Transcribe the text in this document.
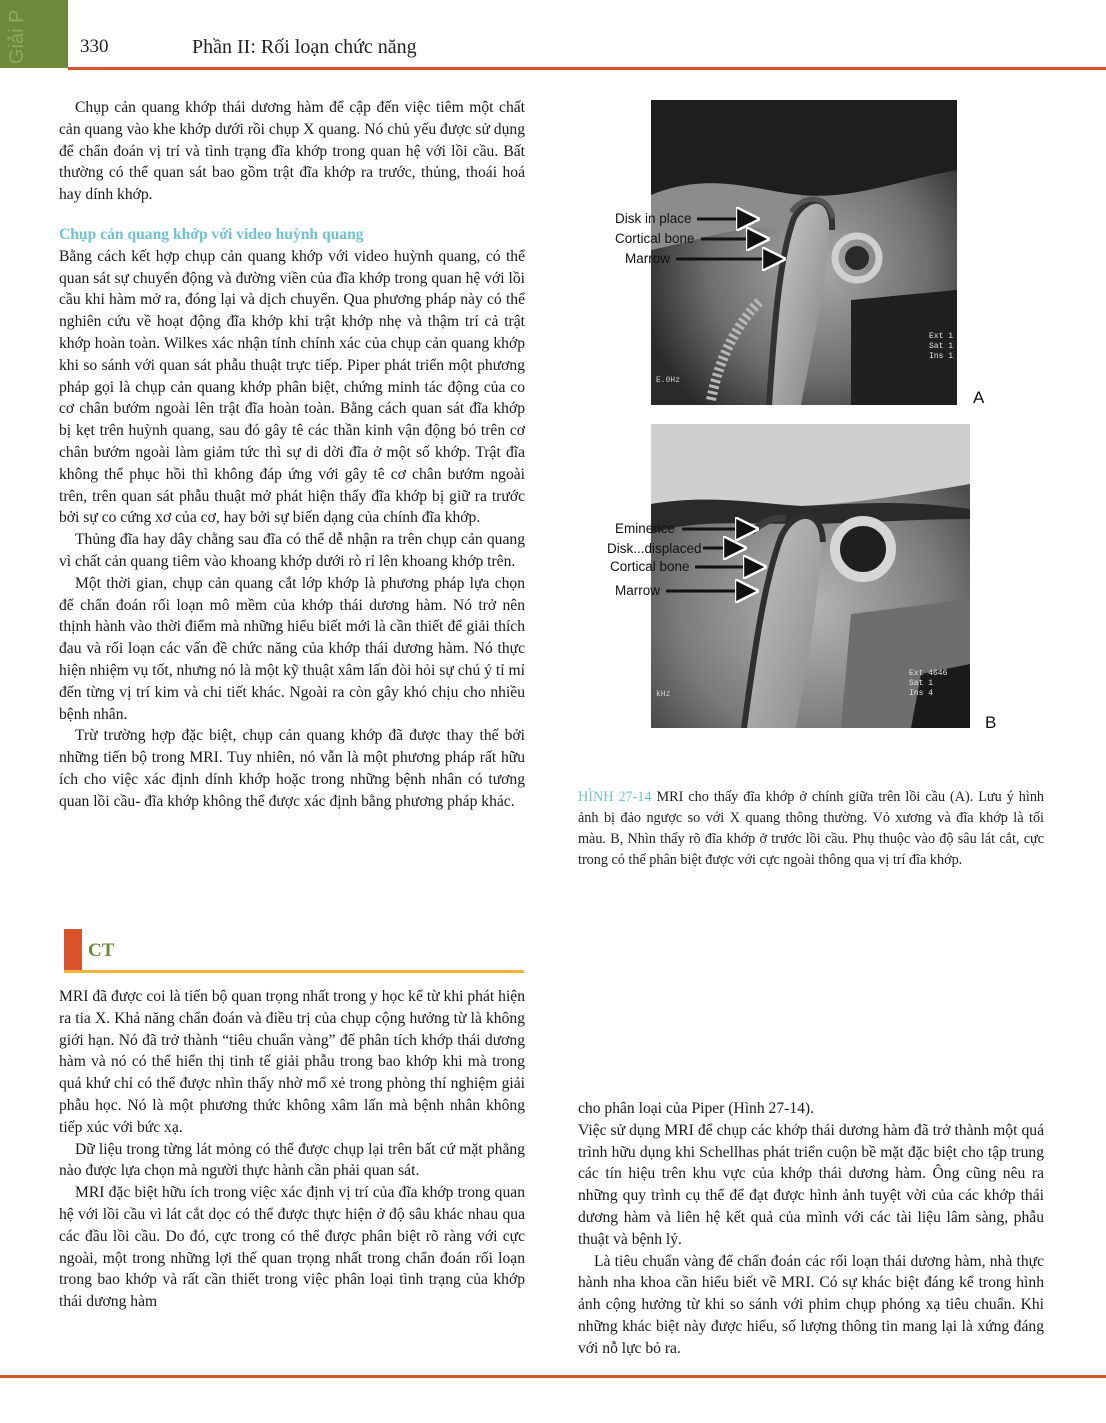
Giải P	330	Phần II: Rối loạn chức năng

Chụp cản quang khớp thái dương hàm để cập đến việc tiêm một chất cản quang vào khe khớp dưới rồi chụp X quang. Nó chủ yếu được sử dụng để chẩn đoán vị trí và tình trạng đĩa khớp trong quan hệ với lồi cầu. Bất thường có thể quan sát bao gồm trật đĩa khớp ra trước, thủng, thoái hoá hay dính khớp.

Chụp cản quang khớp với video huỳnh quang

Bằng cách kết hợp chụp cản quang khớp với video huỳnh quang, có thể quan sát sự chuyển động và đường viền của đĩa khớp trong quan hệ với lồi cầu khi hàm mở ra, đóng lại và dịch chuyển. Qua phương pháp này có thể nghiên cứu về hoạt động đĩa khớp khi trật khớp nhẹ và thậm trí cả trật khớp hoàn toàn. Wilkes xác nhận tính chính xác của chụp cản quang khớp khi so sánh với quan sát phẫu thuật trực tiếp. Piper phát triển một phương pháp gọi là chụp cản quang khớp phân biệt, chứng minh tác động của co cơ chân bướm ngoài lên trật đĩa hoàn toàn. Bằng cách quan sát đĩa khớp bị kẹt trên huỳnh quang, sau đó gây tê các thần kinh vận động bó trên cơ chân bướm ngoài làm giảm tức thì sự di dời đĩa ở một số khớp. Trật đĩa không thể phục hồi thì không đáp ứng với gây tê cơ chân bướm ngoài trên, trên quan sát phẫu thuật mở phát hiện thấy đĩa khớp bị giữ ra trước bởi sự co cứng xơ của cơ, hay bởi sự biến dạng của chính đĩa khớp.

Thủng đĩa hay dây chằng sau đĩa có thể dễ nhận ra trên chụp cản quang vì chất cản quang tiêm vào khoang khớp dưới rò rỉ lên khoang khớp trên.

Một thời gian, chụp cản quang cắt lớp khớp là phương pháp lựa chọn để chẩn đoán rối loạn mô mềm của khớp thái dương hàm. Nó trở nên thịnh hành vào thời điểm mà những hiểu biết mới là cần thiết để giải thích đau và rối loạn các vấn đề chức năng của khớp thái dương hàm. Nó thực hiện nhiệm vụ tốt, nhưng nó là một kỹ thuật xâm lấn đòi hỏi sự chú ý tỉ mỉ đến từng vị trí kim và chi tiết khác. Ngoài ra còn gây khó chịu cho nhiều bệnh nhân.

Trừ trường hợp đặc biệt, chụp cản quang khớp đã được thay thế bởi những tiến bộ trong MRI. Tuy nhiên, nó vẫn là một phương pháp rất hữu ích cho việc xác định dính khớp hoặc trong những bệnh nhân có tương quan lồi cầu- đĩa khớp không thể được xác định bằng phương pháp khác.

CT

MRI đã được coi là tiến bộ quan trọng nhất trong y học kể từ khi phát hiện ra tia X. Khả năng chẩn đoán và điều trị của chụp cộng hưởng từ là không giới hạn. Nó đã trở thành “tiêu chuẩn vàng” để phân tích khớp thái dương hàm và nó có thể hiển thị tinh tế giải phẫu trong bao khớp khi mà trong quá khứ chỉ có thể được nhìn thấy nhờ mổ xẻ trong phòng thí nghiệm giải phẫu học. Nó là một phương thức không xâm lấn mà bệnh nhân không tiếp xúc với bức xạ.

Dữ liệu trong từng lát mỏng có thể được chụp lại trên bất cứ mặt phẳng nào được lựa chọn mà người thực hành cần phải quan sát.

MRI đặc biệt hữu ích trong việc xác định vị trí của đĩa khớp trong quan hệ với lồi cầu vì lát cắt dọc có thể được thực hiện ở độ sâu khác nhau qua các đầu lồi cầu. Do đó, cực trong có thể được phân biệt rõ ràng với cực ngoài, một trong những lợi thế quan trọng nhất trong chẩn đoán rối loạn trong bao khớp và rất cần thiết trong việc phân loại tình trạng của khớp thái dương hàm

Ext 1
Sat 1
Ins 1
E.0Hz
A
Ext 4646
Sat 1
Ins 4
kHz
B
Disk in place
Cortical bone
Marrow
Eminence
Disk...displaced
Cortical bone
Marrow
HÌNH 27-14 MRI cho thấy đĩa khớp ở chính giữa trên lồi cầu (A). Lưu ý hình ảnh bị đảo ngược so với X quang thông thường. Vỏ xương và đĩa khớp là tối màu. B, Nhìn thấy rõ đĩa khớp ở trước lồi cầu. Phụ thuộc vào độ sâu lát cắt, cực trong có thể phân biệt được với cực ngoài thông qua vị trí đĩa khớp.

cho phân loại của Piper (Hình 27-14).

Việc sử dụng MRI để chụp các khớp thái dương hàm đã trở thành một quá trình hữu dụng khi Schellhas phát triển cuộn bề mặt đặc biệt cho tập trung các tín hiệu trên khu vực của khớp thái dương hàm. Ông cũng nêu ra những quy trình cụ thể để đạt được hình ảnh tuyệt vời của các khớp thái dương hàm và liên hệ kết quả của mình với các tài liệu lâm sàng, phẫu thuật và bệnh lý.

Là tiêu chuẩn vàng để chẩn đoán các rối loạn thái dương hàm, nhà thực hành nha khoa cần hiểu biết về MRI. Có sự khác biệt đáng kể trong hình ảnh cộng hưởng từ khi so sánh với phim chụp phóng xạ tiêu chuẩn. Khi những khác biệt này được hiểu, số lượng thông tin mang lại là xứng đáng với nỗ lực bỏ ra.
